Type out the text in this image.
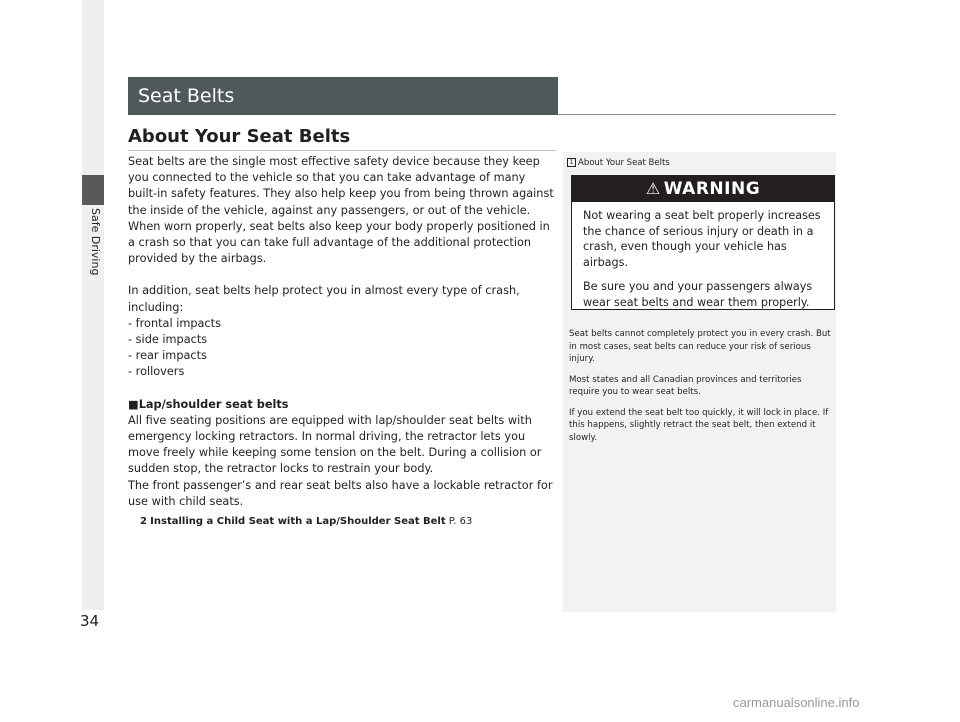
Safe Driving
Seat Belts
About Your Seat Belts

Seat belts are the single most effective safety device because they keep you connected to the vehicle so that you can take advantage of many built-in safety features. They also help keep you from being thrown against the inside of the vehicle, against any passengers, or out of the vehicle. When worn properly, seat belts also keep your body properly positioned in a crash so that you can take full advantage of the additional protection provided by the airbags.

In addition, seat belts help protect you in almost every type of crash, including:

- frontal impacts

- side impacts

- rear impacts

- rollovers

■Lap/shoulder seat belts

All five seating positions are equipped with lap/shoulder seat belts with emergency locking retractors. In normal driving, the retractor lets you move freely while keeping some tension on the belt. During a collision or sudden stop, the retractor locks to restrain your body.

The front passenger’s and rear seat belts also have a lockable retractor for use with child seats.

2 Installing a Child Seat with a Lap/Shoulder Seat Belt P. 63
1 About Your Seat Belts
⚠ WARNING

Not wearing a seat belt properly increases the chance of serious injury or death in a crash, even though your vehicle has airbags.

Be sure you and your passengers always wear seat belts and wear them properly.

Seat belts cannot completely protect you in every crash. But in most cases, seat belts can reduce your risk of serious injury.

Most states and all Canadian provinces and territories require you to wear seat belts.

If you extend the seat belt too quickly, it will lock in place. If this happens, slightly retract the seat belt, then extend it slowly.

34
carmanualsonline.info
